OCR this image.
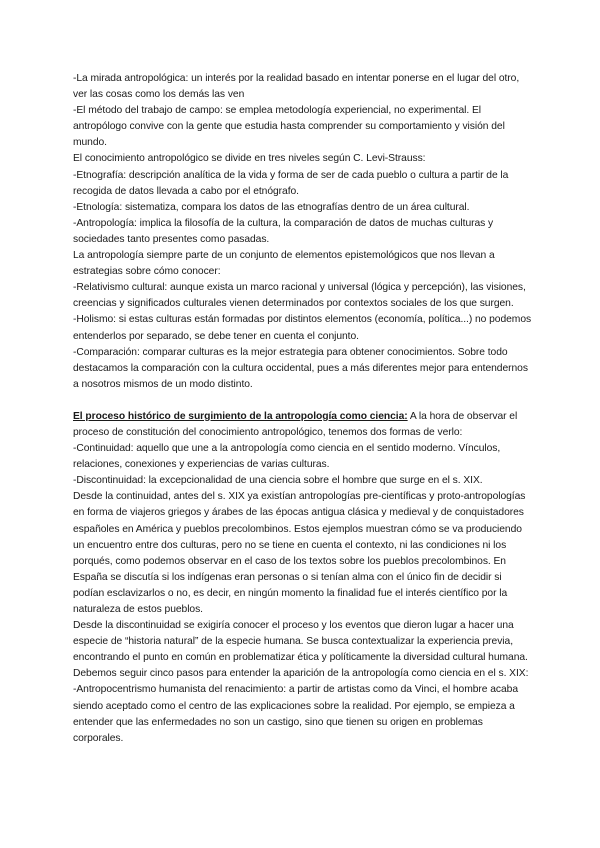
-La mirada antropológica: un interés por la realidad basado en intentar ponerse en el lugar del otro, ver las cosas como los demás las ven

-El método del trabajo de campo: se emplea metodología experiencial, no experimental. El antropólogo convive con la gente que estudia hasta comprender su comportamiento y visión del mundo.

El conocimiento antropológico se divide en tres niveles según C. Levi-Strauss:

-Etnografía: descripción analítica de la vida y forma de ser de cada pueblo o cultura a partir de la recogida de datos llevada a cabo por el etnógrafo.

-Etnología: sistematiza, compara los datos de las etnografías dentro de un área cultural.

-Antropología: implica la filosofía de la cultura, la comparación de datos de muchas culturas y sociedades tanto presentes como pasadas.

La antropología siempre parte de un conjunto de elementos epistemológicos que nos llevan a estrategias sobre cómo conocer:

-Relativismo cultural: aunque exista un marco racional y universal (lógica y percepción), las visiones, creencias y significados culturales vienen determinados por contextos sociales de los que surgen.

-Holismo: si estas culturas están formadas por distintos elementos (economía, política...) no podemos entenderlos por separado, se debe tener en cuenta el conjunto.

-Comparación: comparar culturas es la mejor estrategia para obtener conocimientos. Sobre todo destacamos la comparación con la cultura occidental, pues a más diferentes mejor para entendernos a nosotros mismos de un modo distinto.

El proceso histórico de surgimiento de la antropología como ciencia: A la hora de observar el proceso de constitución del conocimiento antropológico, tenemos dos formas de verlo:

-Continuidad: aquello que une a la antropología como ciencia en el sentido moderno. Vínculos, relaciones, conexiones y experiencias de varias culturas.

-Discontinuidad: la excepcionalidad de una ciencia sobre el hombre que surge en el s. XIX.

Desde la continuidad, antes del s. XIX ya existían antropologías pre-científicas y proto-antropologías en forma de viajeros griegos y árabes de las épocas antigua clásica y medieval y de conquistadores españoles en América y pueblos precolombinos. Estos ejemplos muestran cómo se va produciendo un encuentro entre dos culturas, pero no se tiene en cuenta el contexto, ni las condiciones ni los porqués, como podemos observar en el caso de los textos sobre los pueblos precolombinos. En España se discutía si los indígenas eran personas o si tenían alma con el único fin de decidir si podían esclavizarlos o no, es decir, en ningún momento la finalidad fue el interés científico por la naturaleza de estos pueblos.

Desde la discontinuidad se exigiría conocer el proceso y los eventos que dieron lugar a hacer una especie de “historia natural” de la especie humana. Se busca contextualizar la experiencia previa, encontrando el punto en común en problematizar ética y políticamente la diversidad cultural humana.

Debemos seguir cinco pasos para entender la aparición de la antropología como ciencia en el s. XIX:

-Antropocentrismo humanista del renacimiento: a partir de artistas como da Vinci, el hombre acaba siendo aceptado como el centro de las explicaciones sobre la realidad. Por ejemplo, se empieza a entender que las enfermedades no son un castigo, sino que tienen su origen en problemas corporales.
